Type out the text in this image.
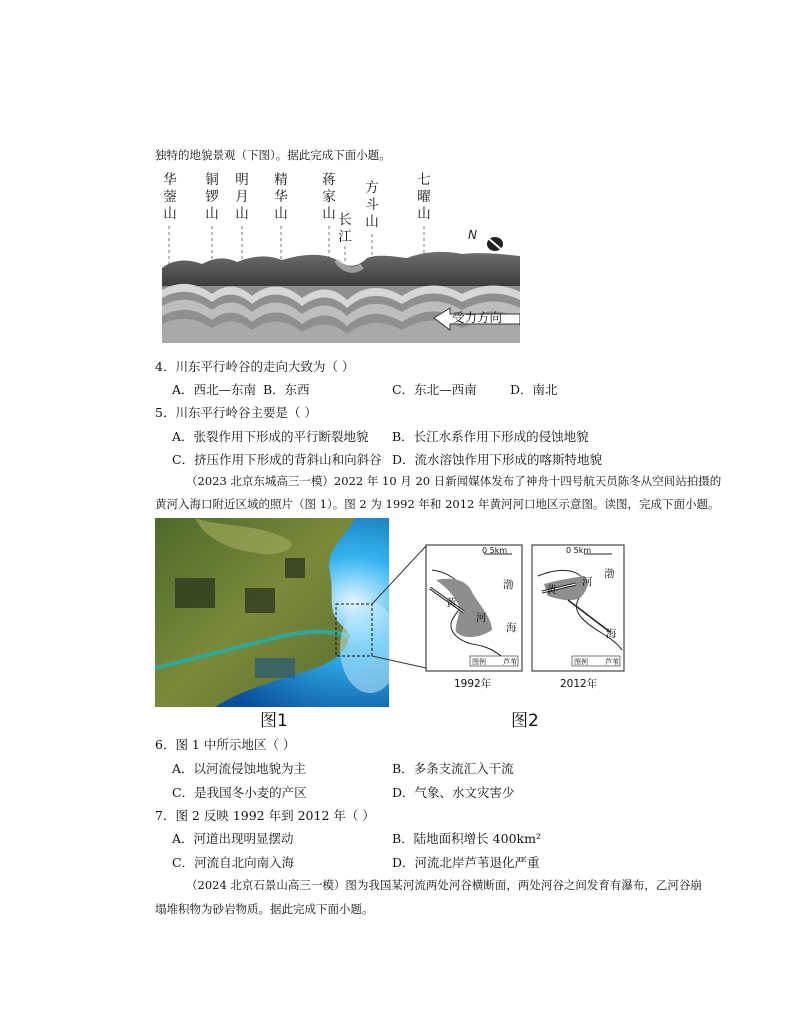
独特的地貌景观（下图）。据此完成下面小题。
N
华蓥山
铜锣山
明月山
精华山
蒋家山 长江
方斗山
七曜山
受力方向
4．川东平行岭谷的走向大致为（ ）
A．西北—东南 B．东西	C．东北—西南	D．南北
5．川东平行岭谷主要是（ ）
A．张裂作用下形成的平行断裂地貌 B．长江水系作用下形成的侵蚀地貌
C．挤压作用下形成的背斜山和向斜谷 D．流水溶蚀作用下形成的喀斯特地貌
（2023 北京东城高三一模）2022 年 10 月 20 日新闻媒体发布了神舟十四号航天员陈冬从空间站拍摄的
黄河入海口附近区域的照片（图 1）。图 2 为 1992 年和 2012 年黄河河口地区示意图。读图，完成下面小题。
0 5km
渤
海
黄
河
图例 芦苇
1992年
0 5km
渤
海
黄
河
图例 芦苇
2012年
图1	图2
6．图 1 中所示地区（ ）
A．以河流侵蚀地貌为主	B．多条支流汇入干流
C．是我国冬小麦的产区	D．气象、水文灾害少
7．图 2 反映 1992 年到 2012 年（ ）
A．河道出现明显摆动	B．陆地面积增长 400km²
C．河流自北向南入海	D．河流北岸芦苇退化严重
（2024 北京石景山高三一模）图为我国某河流两处河谷横断面，两处河谷之间发育有瀑布，乙河谷崩
塌堆积物为砂岩物质。据此完成下面小题。
